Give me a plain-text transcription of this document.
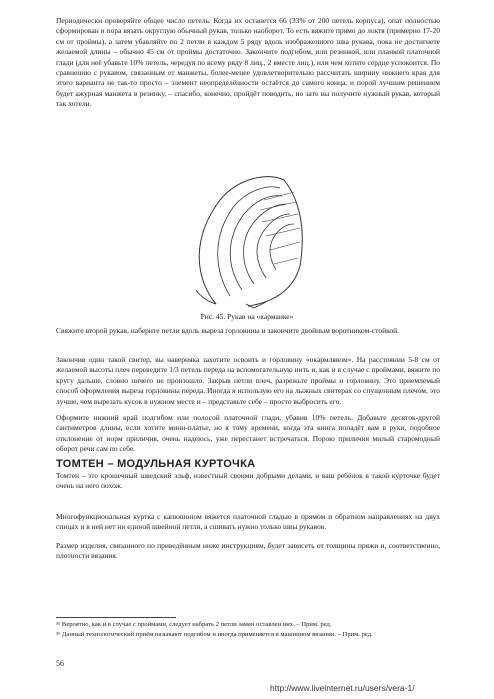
Периодически проверяйте общее число петель. Когда их останется 66 (33% от 200 петель корпуса), опат полностью сформирован и пора вязать округлую обычный рукав, только наоборот. То есть вяжите прямо до локтя (примерно 17-20 см от проймы), а затем убавляйте по 2 петли в каждом 5 ряду вдоль изображенного шва рукава, пока не достигнете желаемой длины – обычно 45 см от проймы достаточно. Закончите подгибом, или резинкой, или планкой платочной глади (для неё убавьте 10% петель, чередуя по всему ряду 8 лиц., 2 вместе лиц.), или чем хотите сердце успокоится. По сравнению с рукавом, связанным от манжеты, более-менее удовлетворительно рассчитать ширину нижнего края для этого варианта не так-то просто – элемент неопределённости остаётся до самого конца, и порой лучшим решением будет ажурная манжета в резинку, – спасибо, конечно, пройдёт поводить, но зато вы получите нужный рукав, который так хотели.
Рис. 45. Рукав на «карманке»
Свяжите второй рукав, наберите петли вдоль выреза горловины и закончите двойным воротником-стойкой.
Закончив один такой свитер, вы наверняка захотите освоить и горловину «окармлявом». На расстоянии 5-8 см от желаемой высоты плеч переведите 1/3 петель переда на вспомогательную нить и, как и в случае с проймами, вяжите по кругу дальше, словно ничего не произошло. Закрыв петли плеч, разрежьте проймы и горловину. Это приемлемый способ оформления выреза горловины переда. Иногда я использую его на лыжных свитерах со спущенным плечом, это лучше, чем вырезать кусок в нужном месте и – представьте себе – просто выбросить его.
Оформите нижний край подгибом или полосой платочной глади, убавив 10% петель. Добавьте десяток-другой сантиметров длины, если хотите мини-платье, но к тому времени, когда эта книга попадёт вам в руки, подобное отклонение от норм приличия, очень надеюсь, уже перестанет встречаться. Порою приличия милый старомодный оборот речи сам по себе.
ТОМТЕН – МОДУЛЬНАЯ КУРТОЧКА
Томтен – это крошечный шведский эльф, известный своими добрыми делами, и ваш ребёнок в такой курточке будет очень на него похож.
Многофункциональная куртка с капюшоном вяжется платочной гладью в прямом и обратном направлениях на двух спицах и в ней нет ни единой швейной петли, а сшивать нужно только швы рукавов.
Размер изделия, связанного по приведённым ниже инструкциям, будет зависеть от толщины пряжи и, соответственно, плотности вязания.
³⁵ Вероятно, как и в случае с проймами, следует набрать 2 петли замен оставлен них. – Прим. ред.
³⁶ Данный технологический приём называют подгибом и иногда применяется в машинном вязании. – Прим. ред.
56
http://www.liveinternet.ru/users/vera-1/
